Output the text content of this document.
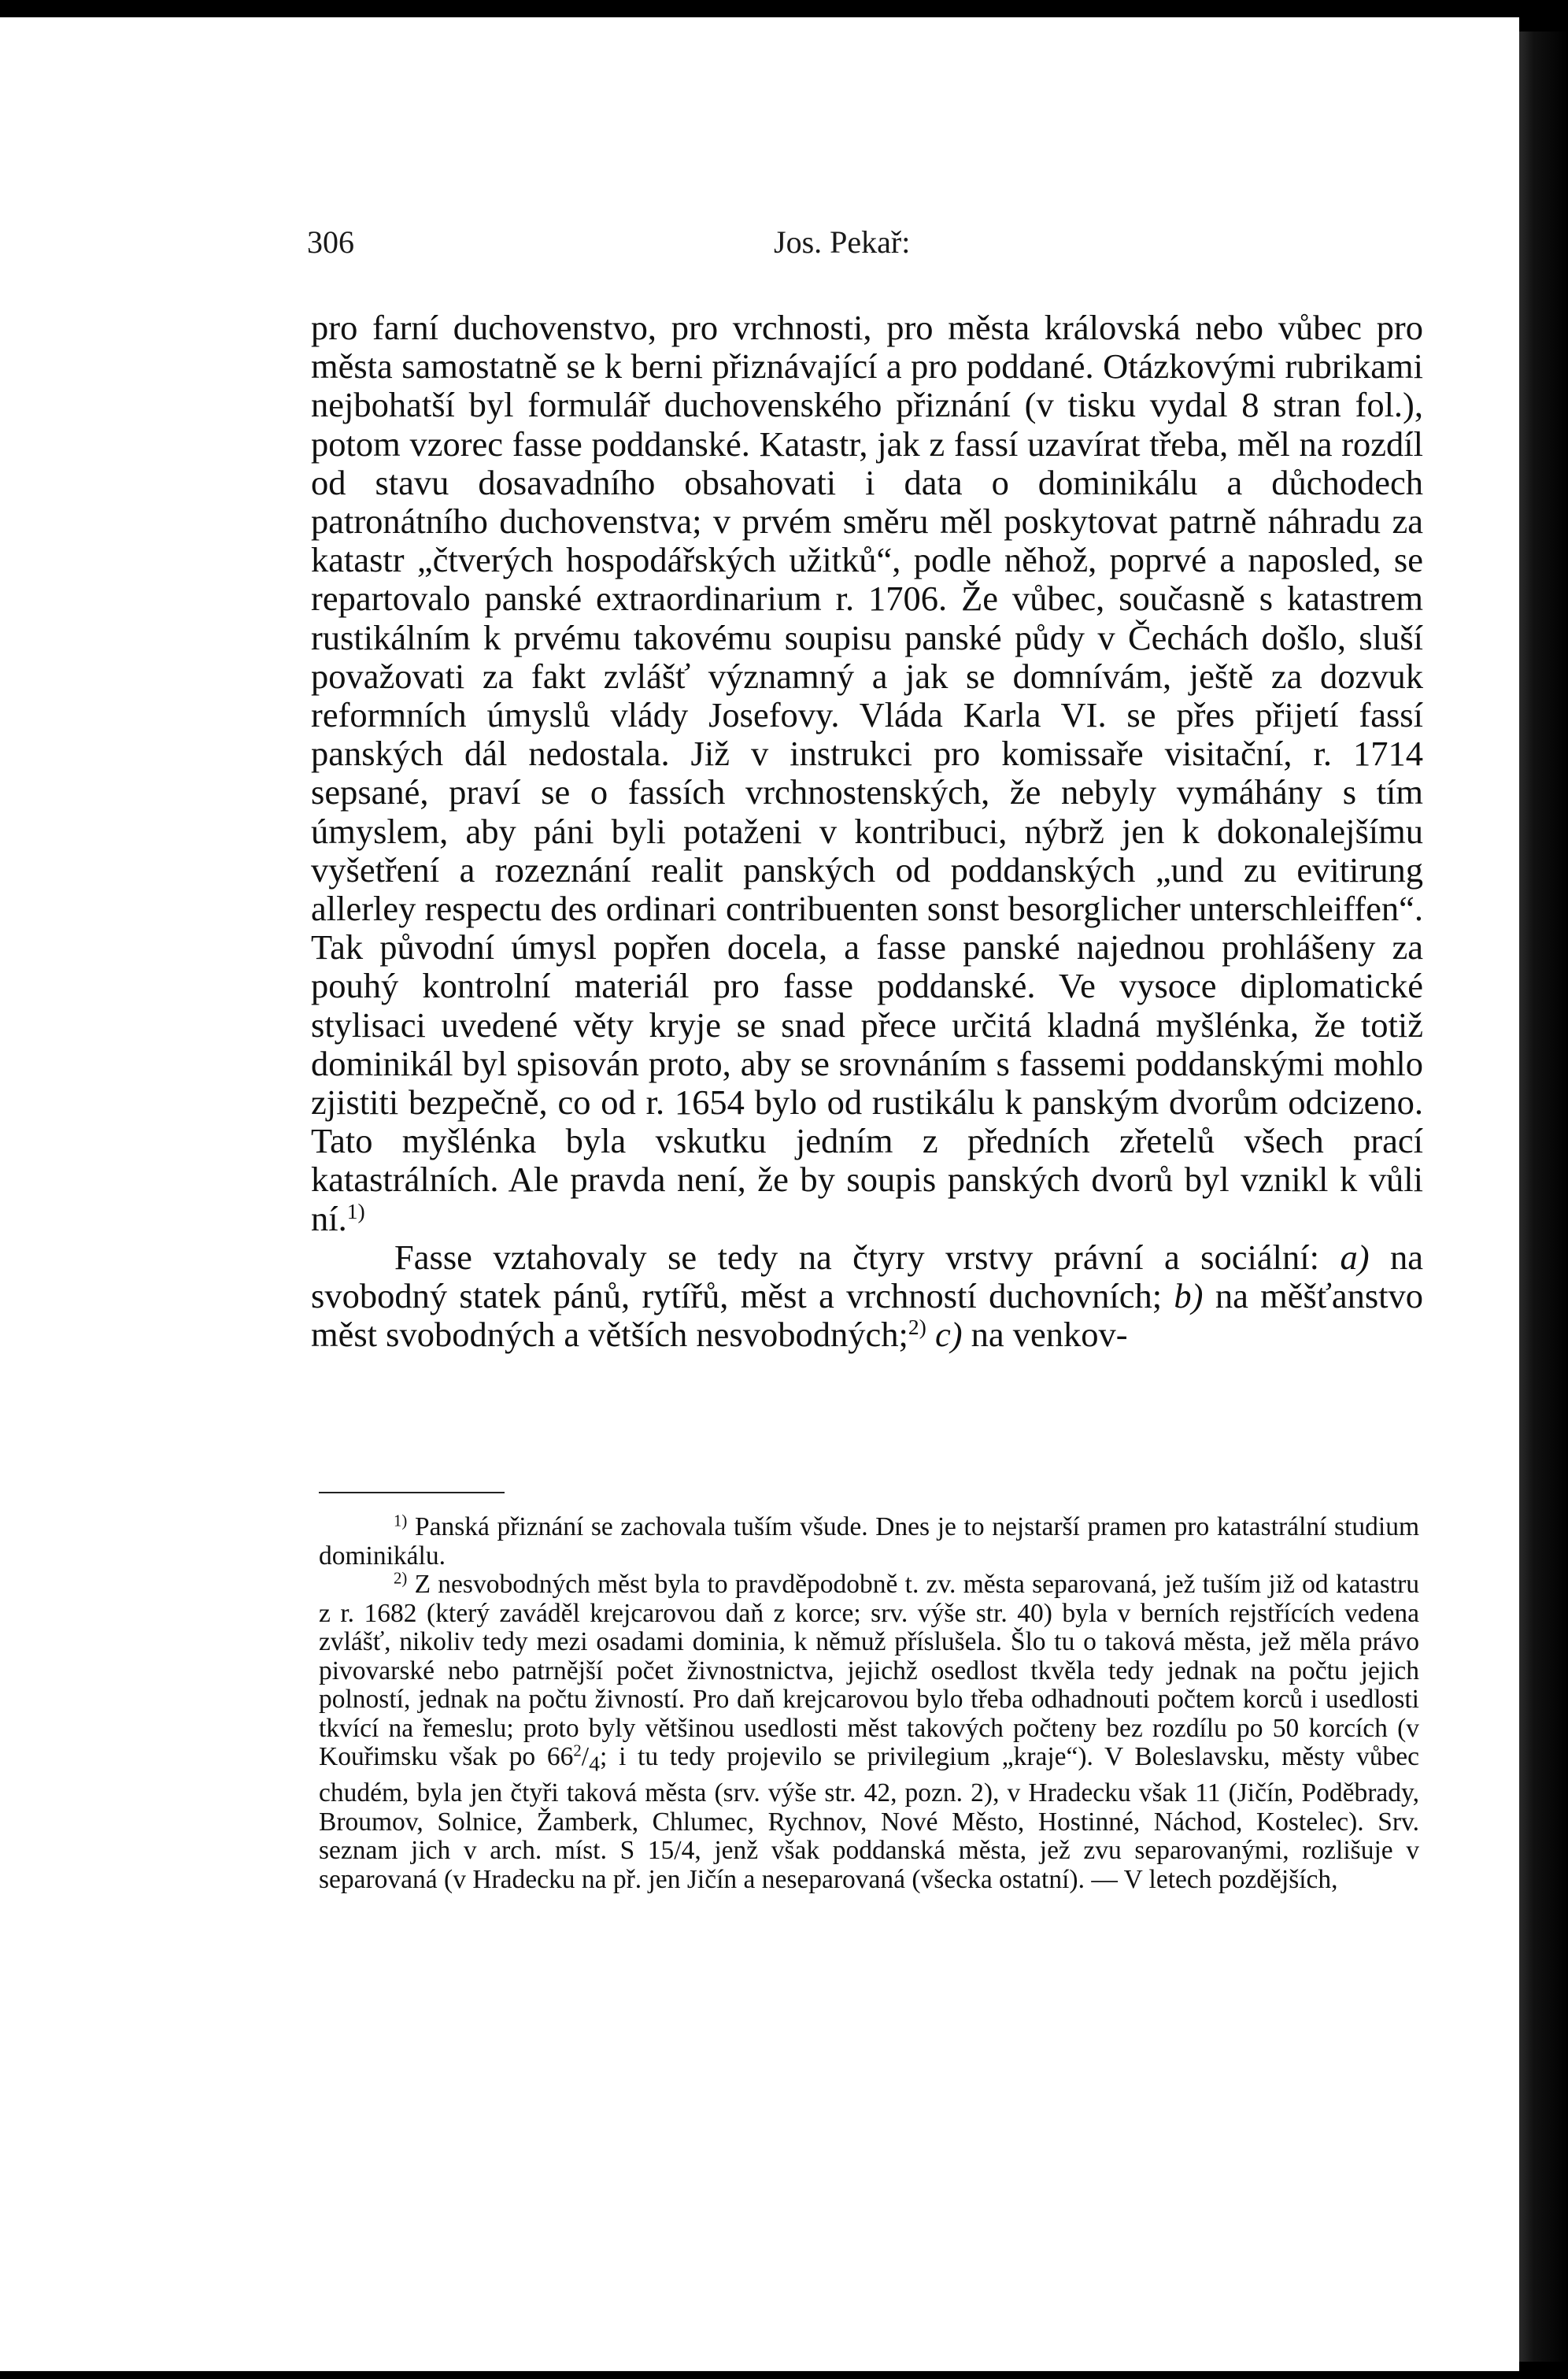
306	Jos. Pekař:

pro farní duchovenstvo, pro vrchnosti, pro města královská nebo vůbec pro města samostatně se k berni přiznávající a pro poddané. Otázkovými rubrikami nejbohatší byl formulář duchovenského přiznání (v tisku vydal 8 stran fol.), potom vzorec fasse poddanské. Katastr, jak z fassí uzavírat třeba, měl na rozdíl od stavu dosavadního obsahovati i data o dominikálu a důchodech patronátního duchovenstva; v prvém směru měl poskytovat patrně náhradu za katastr „čtverých hospodářských užitků“, podle něhož, poprvé a naposled, se repartovalo panské extraordinarium r. 1706. Že vůbec, současně s katastrem rustikálním k prvému takovému soupisu panské půdy v Čechách došlo, sluší považovati za fakt zvlášť významný a jak se domnívám, ještě za dozvuk reformních úmyslů vlády Josefovy. Vláda Karla VI. se přes přijetí fassí panských dál nedostala. Již v instrukci pro komissaře visitační, r. 1714 sepsané, praví se o fassích vrchnostenských, že nebyly vymáhány s tím úmyslem, aby páni byli potaženi v kontribuci, nýbrž jen k dokonalejšímu vyšetření a rozeznání realit panských od poddanských „und zu evitirung allerley respectu des ordinari contribuenten sonst besorglicher unterschleiffen“. Tak původní úmysl popřen docela, a fasse panské najednou prohlášeny za pouhý kontrolní materiál pro fasse poddanské. Ve vysoce diplomatické stylisaci uvedené věty kryje se snad přece určitá kladná myšlénka, že totiž dominikál byl spisován proto, aby se srovnáním s fassemi poddanskými mohlo zjistiti bezpečně, co od r. 1654 bylo od rustikálu k panským dvorům odcizeno. Tato myšlénka byla vskutku jedním z předních zřetelů všech prací katastrálních. Ale pravda není, že by soupis panských dvorů byl vznikl k vůli ní.$^{1)}$

Fasse vztahovaly se tedy na čtyry vrstvy právní a sociální: a) na svobodný statek pánů, rytířů, měst a vrchností duchovních; b) na měšťanstvo měst svobodných a větších nesvobodných;$^{2)}$ c) na venkov-

$^{1)}$ Panská přiznání se zachovala tuším všude. Dnes je to nejstarší pramen pro katastrální studium dominikálu.

$^{2)}$ Z nesvobodných měst byla to pravděpodobně t. zv. města separovaná, jež tuším již od katastru z r. 1682 (který zaváděl krejcarovou daň z korce; srv. výše str. 40) byla v berních rejstřících vedena zvlášť, nikoliv tedy mezi osadami dominia, k němuž příslušela. Šlo tu o taková města, jež měla právo pivovarské nebo patrnější počet živnostnictva, jejichž osedlost tkvěla tedy jednak na počtu jejich polností, jednak na počtu živností. Pro daň krejcarovou bylo třeba odhadnouti počtem korců i usedlosti tkvící na řemeslu; proto byly většinou usedlosti měst takových počteny bez rozdílu po 50 korcích (v Kouřimsku však po $66^2/_4$; i tu tedy projevilo se privilegium „kraje“). V Boleslavsku, městy vůbec chudém, byla jen čtyři taková města (srv. výše str. 42, pozn. 2), v Hradecku však 11 (Jičín, Poděbrady, Broumov, Solnice, Žamberk, Chlumec, Rychnov, Nové Město, Hostinné, Náchod, Kostelec). Srv. seznam jich v arch. míst. S 15/4, jenž však poddanská města, jež zvu separovanými, rozlišuje v separovaná (v Hradecku na př. jen Jičín a neseparovaná (všecka ostatní). — V letech pozdějších,
